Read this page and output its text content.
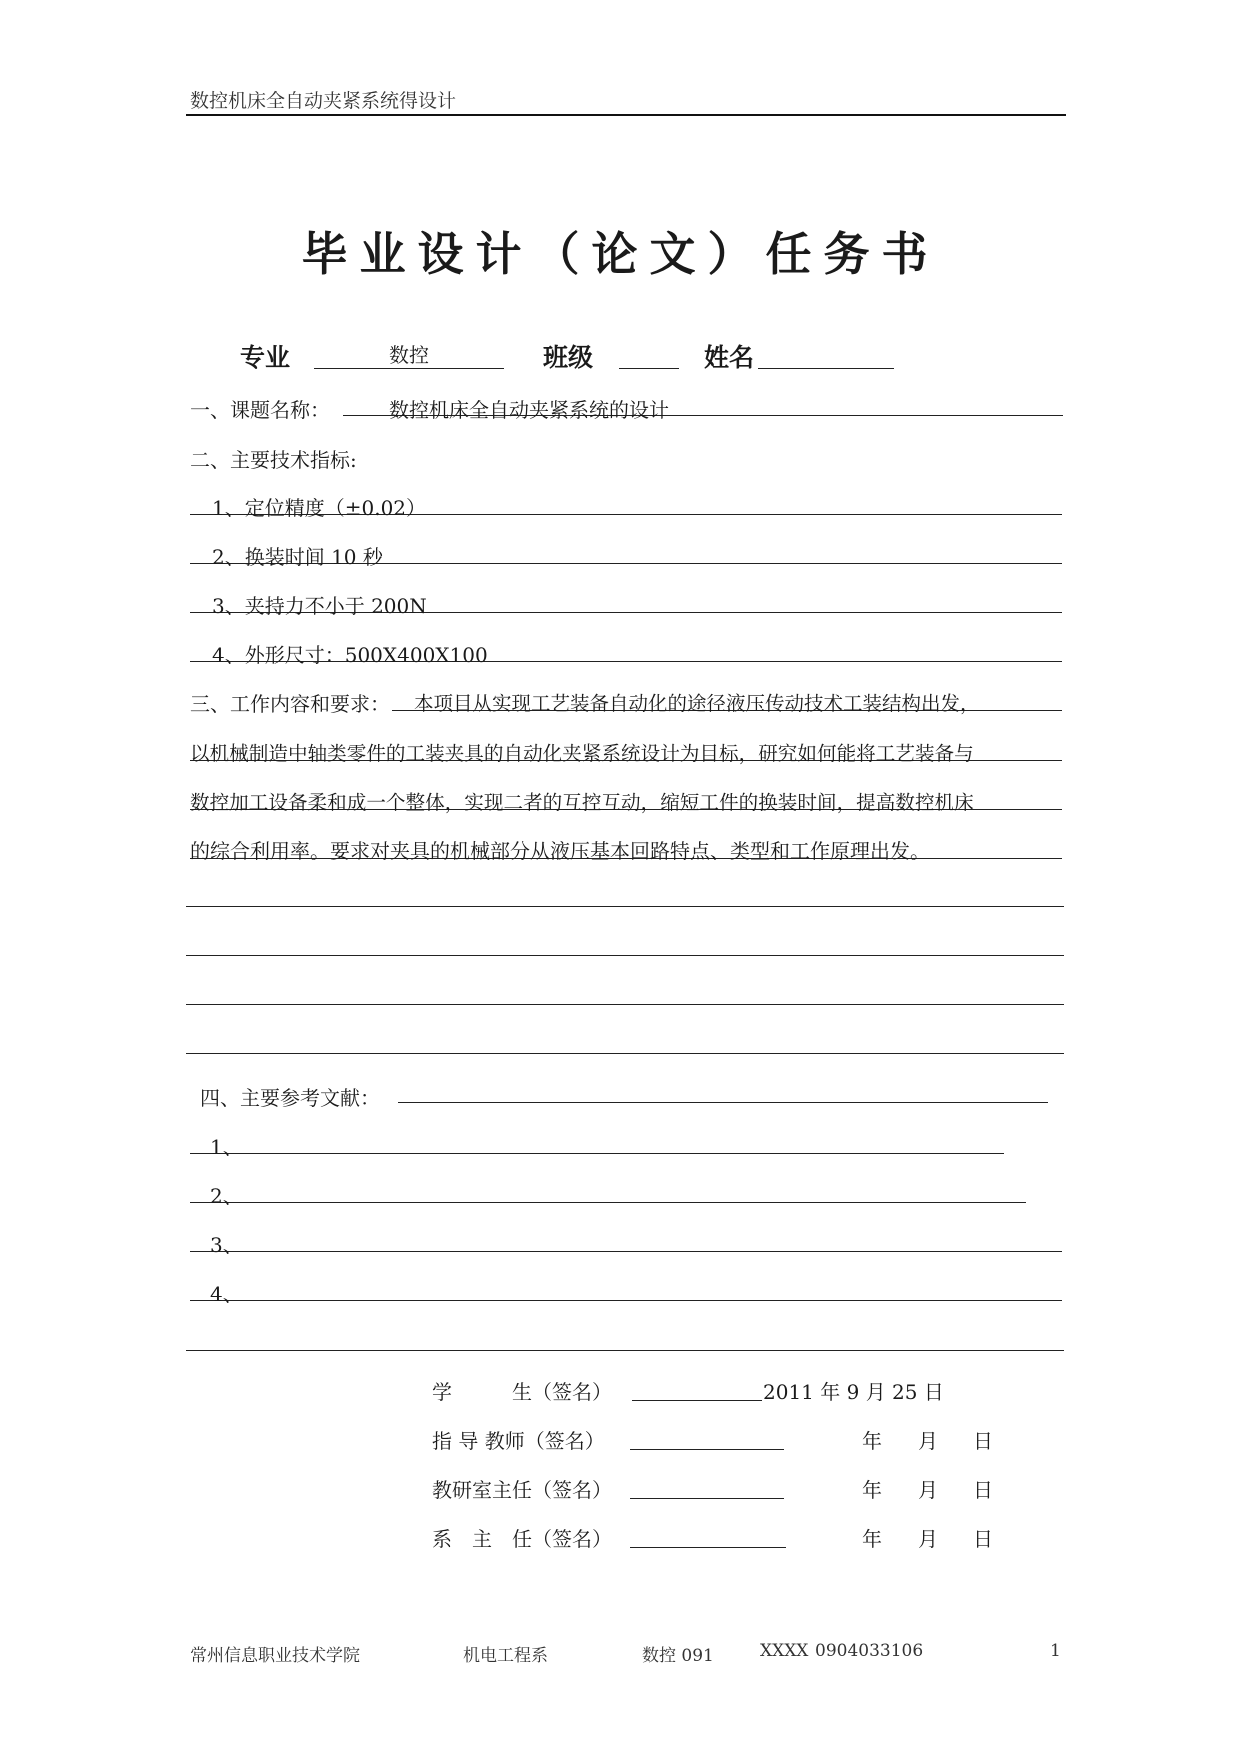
数控机床全自动夹紧系统得设计
毕业设计（论文）任务书
专业	数控	班级	姓名
一、课题名称：	数控机床全自动夹紧系统的设计
二、主要技术指标:
1、定位精度（±0.02）
2、换装时间 10 秒
3、夹持力不小于 200N
4、外形尺寸：500X400X100
三、工作内容和要求：	本项目从实现工艺装备自动化的途径液压传动技术工装结构出发，
以机械制造中轴类零件的工装夹具的自动化夹紧系统设计为目标，研究如何能将工艺装备与
数控加工设备柔和成一个整体，实现二者的互控互动，缩短工件的换装时间，提高数控机床
的综合利用率。要求对夹具的机械部分从液压基本回路特点、类型和工作原理出发。
四、主要参考文献：
1、
2、
3、
4、
学　　　生（签名）	2011 年 9 月 25 日
指 导 教师（签名）	年 月 日
教研室主任（签名）	年 月 日
系　主　任（签名）	年 月 日
常州信息职业技术学院	机电工程系	数控 091	XXXX 0904033106	1
